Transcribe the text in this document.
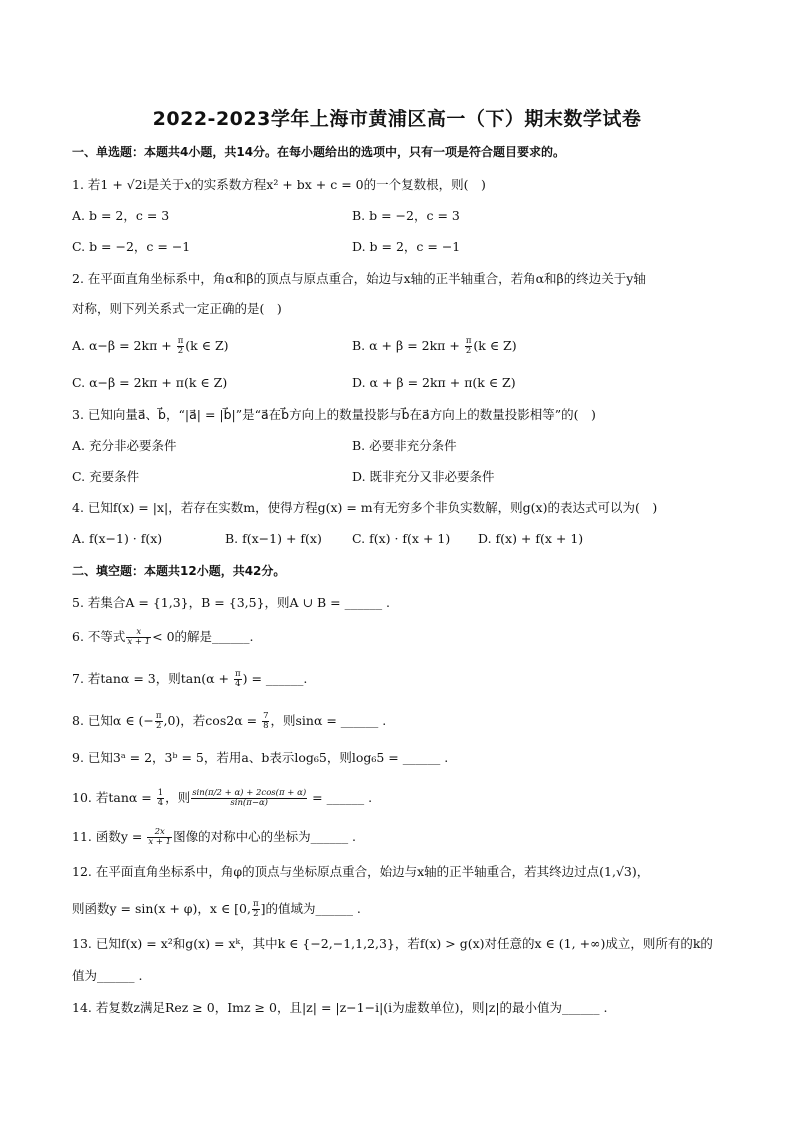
2022-2023学年上海市黄浦区高一（下）期末数学试卷
一、单选题：本题共4小题，共14分。在每小题给出的选项中，只有一项是符合题目要求的。
1. 若1 + √2i是关于x的实系数方程x² + bx + c = 0的一个复数根，则(　)
A. b = 2，c = 3	B. b = −2，c = 3
C. b = −2，c = −1	D. b = 2，c = −1
2. 在平面直角坐标系中，角α和β的顶点与原点重合，始边与x轴的正半轴重合，若角α和β的终边关于y轴
对称，则下列关系式一定正确的是(　)
A. $\alpha-\beta = 2k\pi + \frac{\pi}{2} (k$ ∈ Z)	B. $\alpha + \beta = 2k\pi + \frac{\pi}{2} (k$ ∈ Z)
C. α−β = 2kπ + π(k ∈ Z)	D. α + β = 2kπ + π(k ∈ Z)
3. 已知向量a⃗、b⃗，“|a⃗| = |b⃗|”是“a⃗在b⃗方向上的数量投影与b⃗在a⃗方向上的数量投影相等”的(　)
A. 充分非必要条件	B. 必要非充分条件
C. 充要条件	D. 既非充分又非必要条件
4. 已知f(x) = |x|，若存在实数m，使得方程g(x) = m有无穷多个非负实数解，则g(x)的表达式可以为(　)
A. f(x−1) · f(x)	B. f(x−1) + f(x) C. f(x) · f(x + 1) D. f(x) + f(x + 1)
二、填空题：本题共12小题，共42分。
5. 若集合A = {1,3}，B = {3,5}，则A ∪ B = ______ .
6. 不等式 $\frac{x}{x + 1} < 0$的解是______.
7. 若tanα = 3，则$\tan(\alpha + \frac{\pi}{4}$ ) = ______.
8. 已知α ∈ (− $\frac{\pi}{2} ,0$)，若$\cos 2\alpha = \frac{7}{8}$ ，则sinα = ______ .
9. 已知3ᵃ = 2，3ᵇ = 5，若用a、b表示log₆5，则log₆5 = ______ .
10. 若$\tan\alpha = \frac{1}{4}$ ，则 $\frac{\sin(\pi/2 + \alpha) + 2\cos(\pi + \alpha)}{\sin(\pi-\alpha)}$ = ______ .
11. 函数$y = \frac{2x}{x + 1}$ 图像的对称中心的坐标为______ .
12. 在平面直角坐标系中，角φ的顶点与坐标原点重合，始边与x轴的正半轴重合，若其终边过点(1,√3)，
则函数y = sin(x + φ)，x ∈ [0, $\frac{\pi}{2}$ ]的值域为______ .
13. 已知f(x) = x²和g(x) = xᵏ，其中k ∈ {−2,−1,1,2,3}，若f(x) > g(x)对任意的x ∈ (1, +∞)成立，则所有的k的
值为______ .
14. 若复数z满足Rez ≥ 0，Imz ≥ 0，且|z| = |z−1−i|(i为虚数单位)，则|z|的最小值为______ .
